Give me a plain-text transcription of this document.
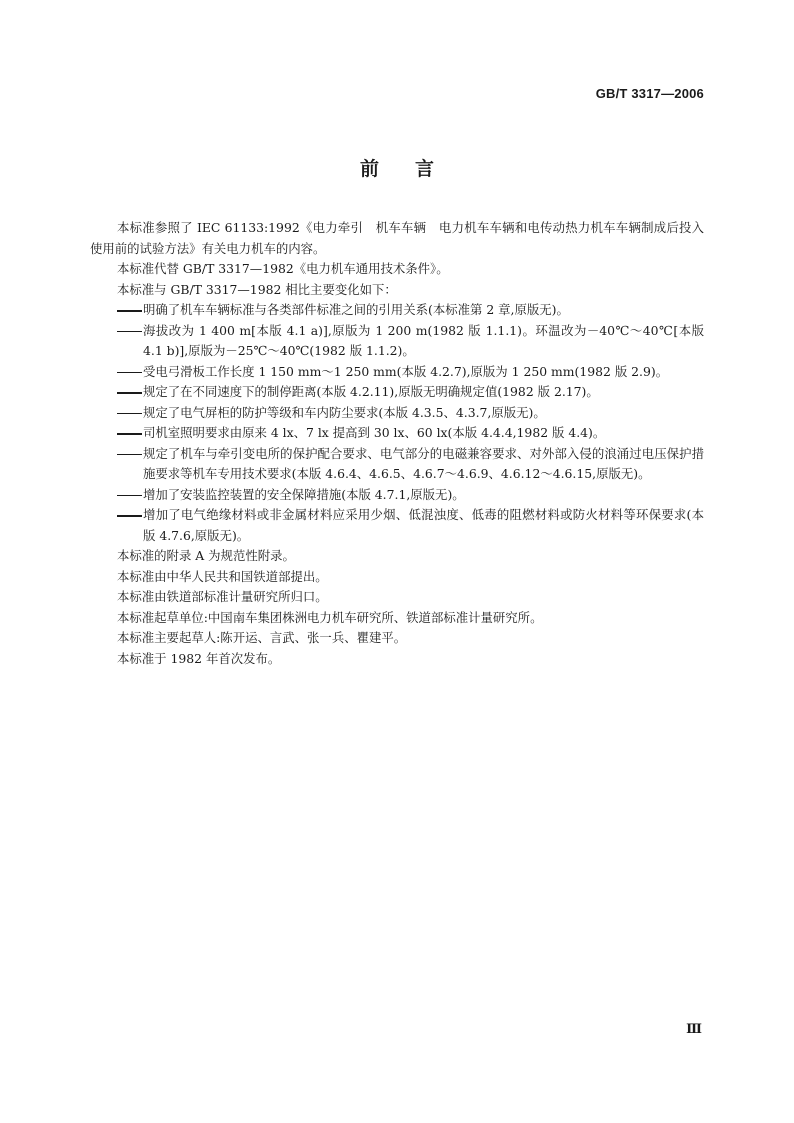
GB/T 3317—2006
前言

本标准参照了 IEC 61133:1992《电力牵引　机车车辆　电力机车车辆和电传动热力机车车辆制成后投入使用前的试验方法》有关电力机车的内容。

本标准代替 GB/T 3317—1982《电力机车通用技术条件》。

本标准与 GB/T 3317—1982 相比主要变化如下：

明确了机车车辆标准与各类部件标准之间的引用关系(本标准第 2 章,原版无)。

海拔改为 1 400 m[本版 4.1 a)],原版为 1 200 m(1982 版 1.1.1)。环温改为－40℃～40℃[本版 4.1 b)],原版为－25℃～40℃(1982 版 1.1.2)。

受电弓滑板工作长度 1 150 mm～1 250 mm(本版 4.2.7),原版为 1 250 mm(1982 版 2.9)。

规定了在不同速度下的制停距离(本版 4.2.11),原版无明确规定值(1982 版 2.17)。

规定了电气屏柜的防护等级和车内防尘要求(本版 4.3.5、4.3.7,原版无)。

司机室照明要求由原来 4 lx、7 lx 提高到 30 lx、60 lx(本版 4.4.4,1982 版 4.4)。

规定了机车与牵引变电所的保护配合要求、电气部分的电磁兼容要求、对外部入侵的浪涌过电压保护措施要求等机车专用技术要求(本版 4.6.4、4.6.5、4.6.7～4.6.9、4.6.12～4.6.15,原版无)。

增加了安装监控装置的安全保障措施(本版 4.7.1,原版无)。

增加了电气绝缘材料或非金属材料应采用少烟、低混浊度、低毒的阻燃材料或防火材料等环保要求(本版 4.7.6,原版无)。

本标准的附录 A 为规范性附录。

本标准由中华人民共和国铁道部提出。

本标准由铁道部标准计量研究所归口。

本标准起草单位:中国南车集团株洲电力机车研究所、铁道部标准计量研究所。

本标准主要起草人:陈开运、言武、张一兵、瞿建平。

本标准于 1982 年首次发布。

Ⅲ
